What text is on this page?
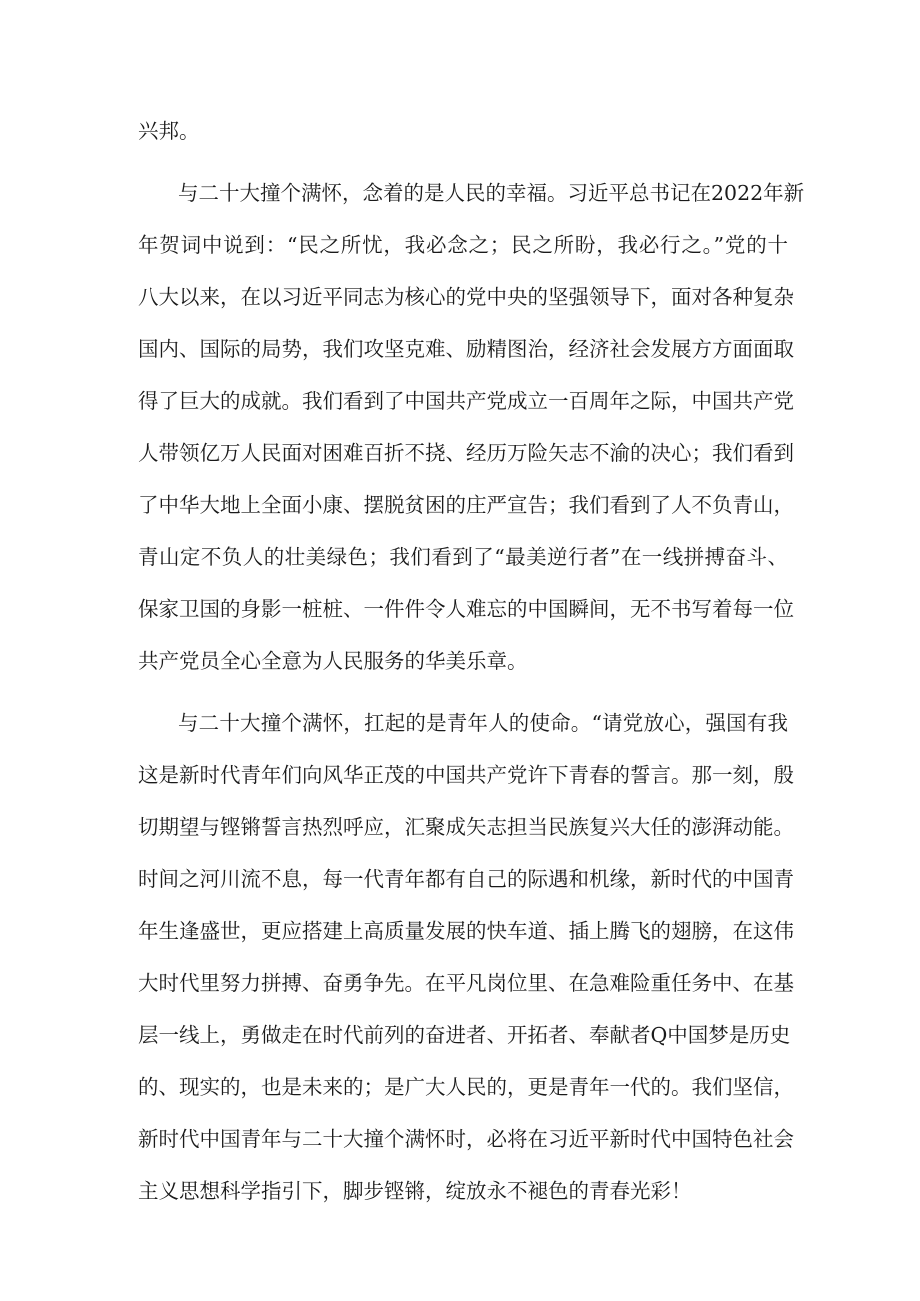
兴邦。
与二十大撞个满怀，念着的是人民的幸福。习近平总书记在2022年新
年贺词中说到：“民之所忧，我必念之；民之所盼，我必行之。”党的十
八大以来，在以习近平同志为核心的党中央的坚强领导下，面对各种复杂
国内、国际的局势，我们攻坚克难、励精图治，经济社会发展方方面面取
得了巨大的成就。我们看到了中国共产党成立一百周年之际，中国共产党
人带领亿万人民面对困难百折不挠、经历万险矢志不渝的决心；我们看到
了中华大地上全面小康、摆脱贫困的庄严宣告；我们看到了人不负青山，
青山定不负人的壮美绿色；我们看到了“最美逆行者”在一线拼搏奋斗、
保家卫国的身影一桩桩、一件件令人难忘的中国瞬间，无不书写着每一位
共产党员全心全意为人民服务的华美乐章。
与二十大撞个满怀，扛起的是青年人的使命。“请党放心，强国有我
这是新时代青年们向风华正茂的中国共产党许下青春的誓言。那一刻，殷
切期望与铿锵誓言热烈呼应，汇聚成矢志担当民族复兴大任的澎湃动能。
时间之河川流不息，每一代青年都有自己的际遇和机缘，新时代的中国青
年生逢盛世，更应搭建上高质量发展的快车道、插上腾飞的翅膀，在这伟
大时代里努力拼搏、奋勇争先。在平凡岗位里、在急难险重任务中、在基
层一线上，勇做走在时代前列的奋进者、开拓者、奉献者Q中国梦是历史
的、现实的，也是未来的；是广大人民的，更是青年一代的。我们坚信，
新时代中国青年与二十大撞个满怀时，必将在习近平新时代中国特色社会
主义思想科学指引下，脚步铿锵，绽放永不褪色的青春光彩！
